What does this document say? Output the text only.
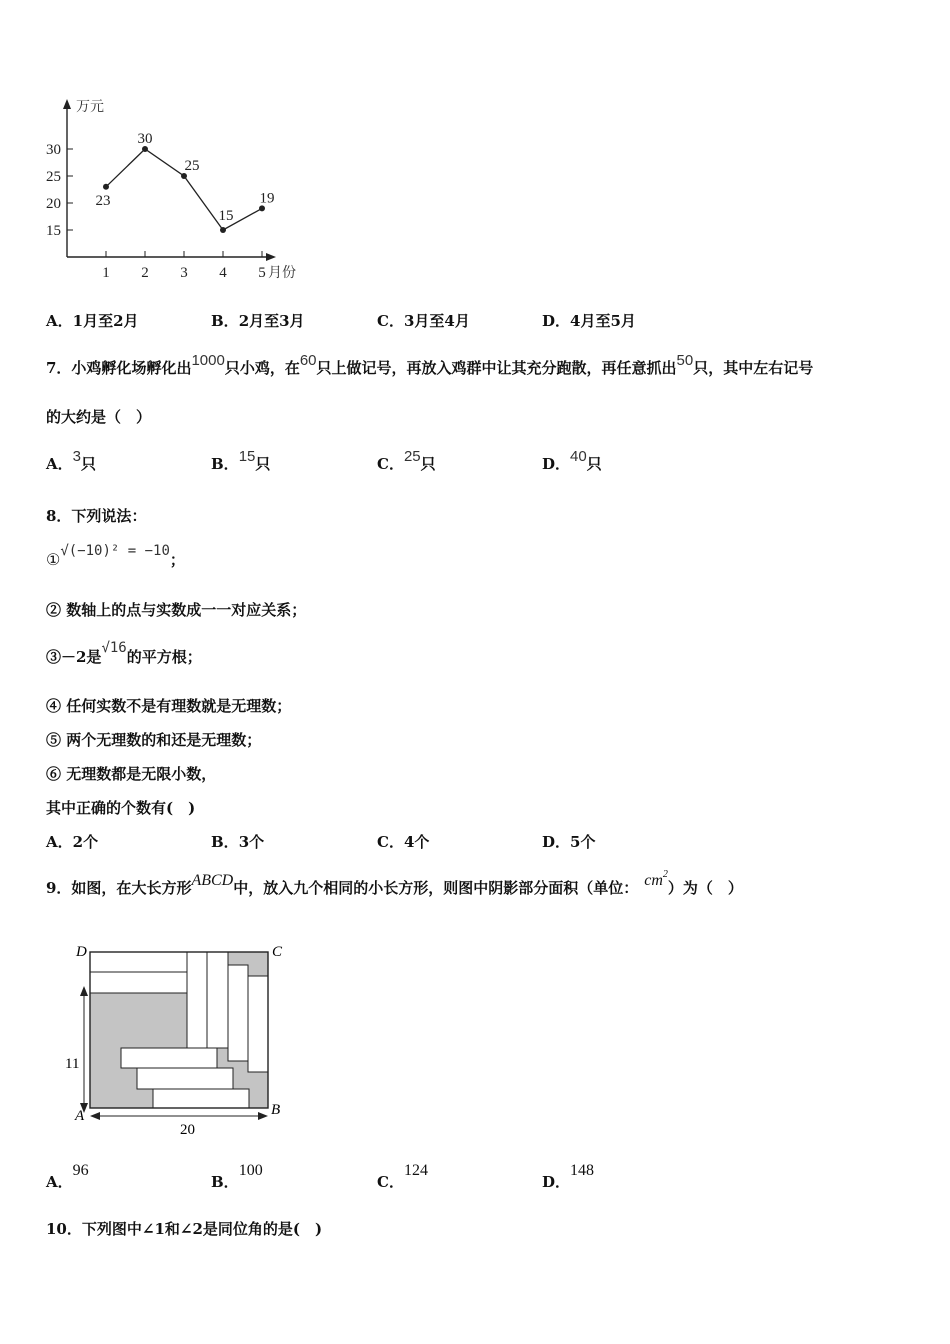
万元
15
20
25
30
1 2 3 4 5 月份
23
30
25
15
19
A．1月至2月	B．2月至3月	C．3月至4月	D．4月至5月
7．小鸡孵化场孵化出1000只小鸡，在60只上做记号，再放入鸡群中让其充分跑散，再任意抓出50只，其中左右记号
的大约是（　）
A．3只	B．15只	C．25只	D．40只
8．下列说法：
①√(−10)² = −10；
② 数轴上的点与实数成一一对应关系；
③－2是√16的平方根；
④ 任何实数不是有理数就是无理数；
⑤ 两个无理数的和还是无理数；
⑥ 无理数都是无限小数，
其中正确的个数有(　)
A．2个	B．3个	C．4个	D．5个
9．如图，在大长方形ABCD中，放入九个相同的小长方形，则图中阴影部分面积（单位： $cm^2$）为（　）
D	C
A	B
11
20
A．96
B．100
C．124
D．148
10．下列图中∠1和∠2是同位角的是(　)
